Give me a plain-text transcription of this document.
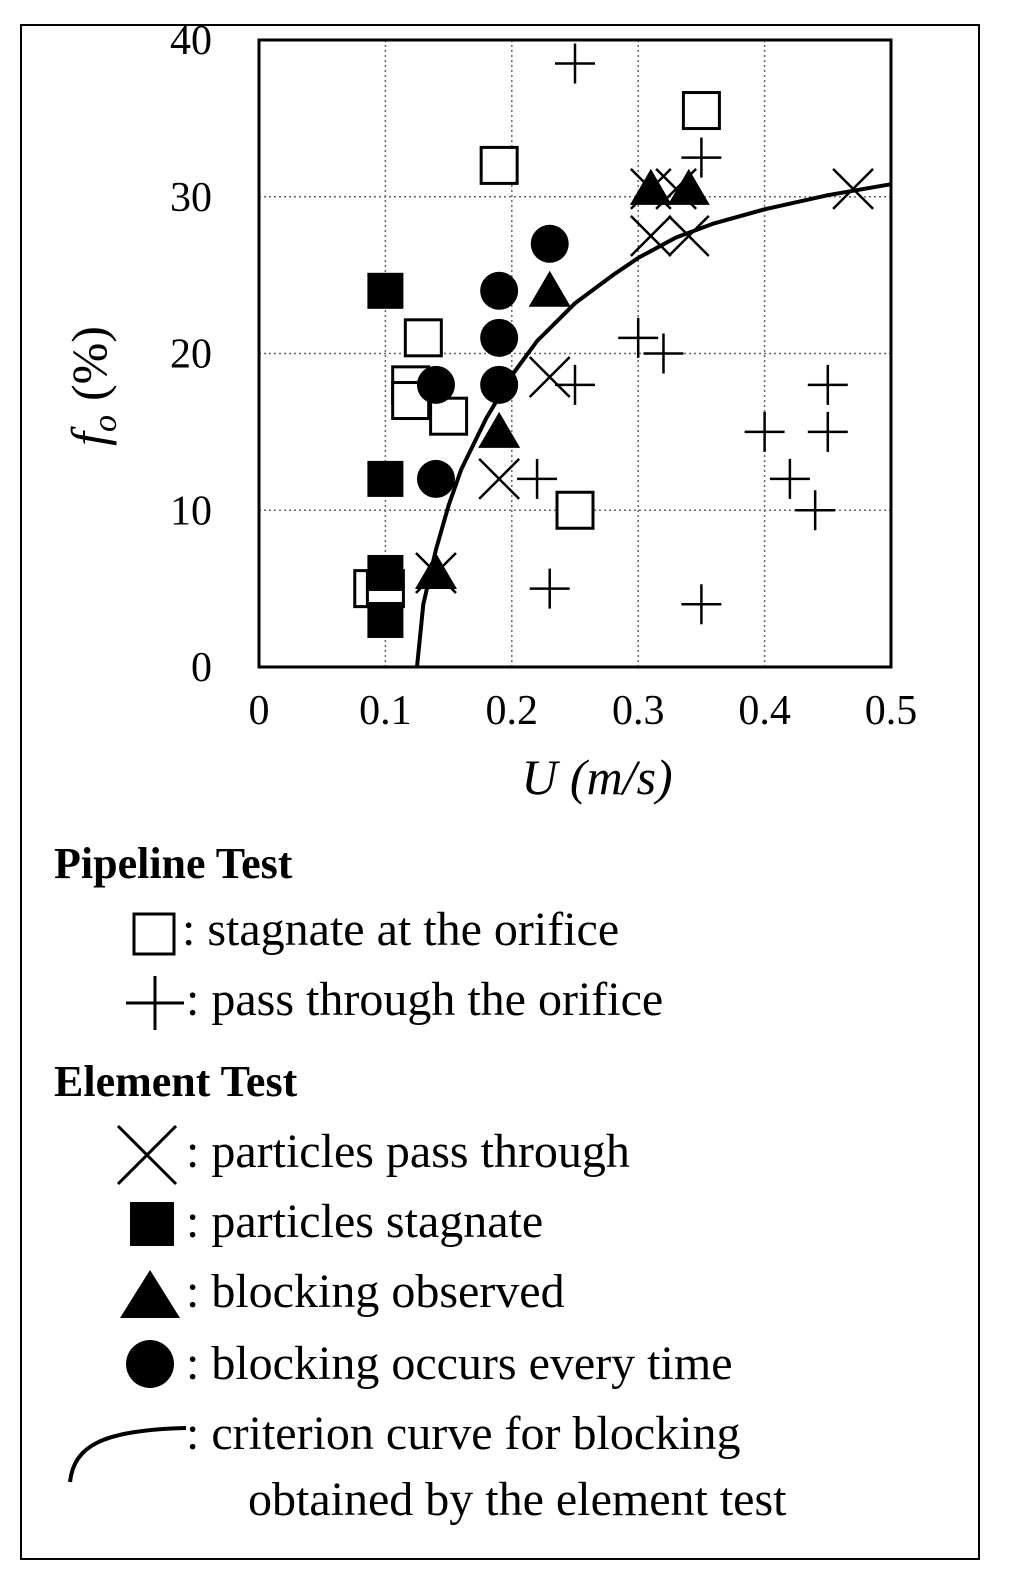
0 0.1 0.2 0.3 0.4 0.5
0
10
20
30
40
U (m/s)
$f_o(\%)$
Pipeline Test
: stagnate at the orifice
: pass through the orifice
Element Test
: particles pass through
: particles stagnate
: blocking observed
: blocking occurs every time
: criterion curve for blocking
obtained by the element test
